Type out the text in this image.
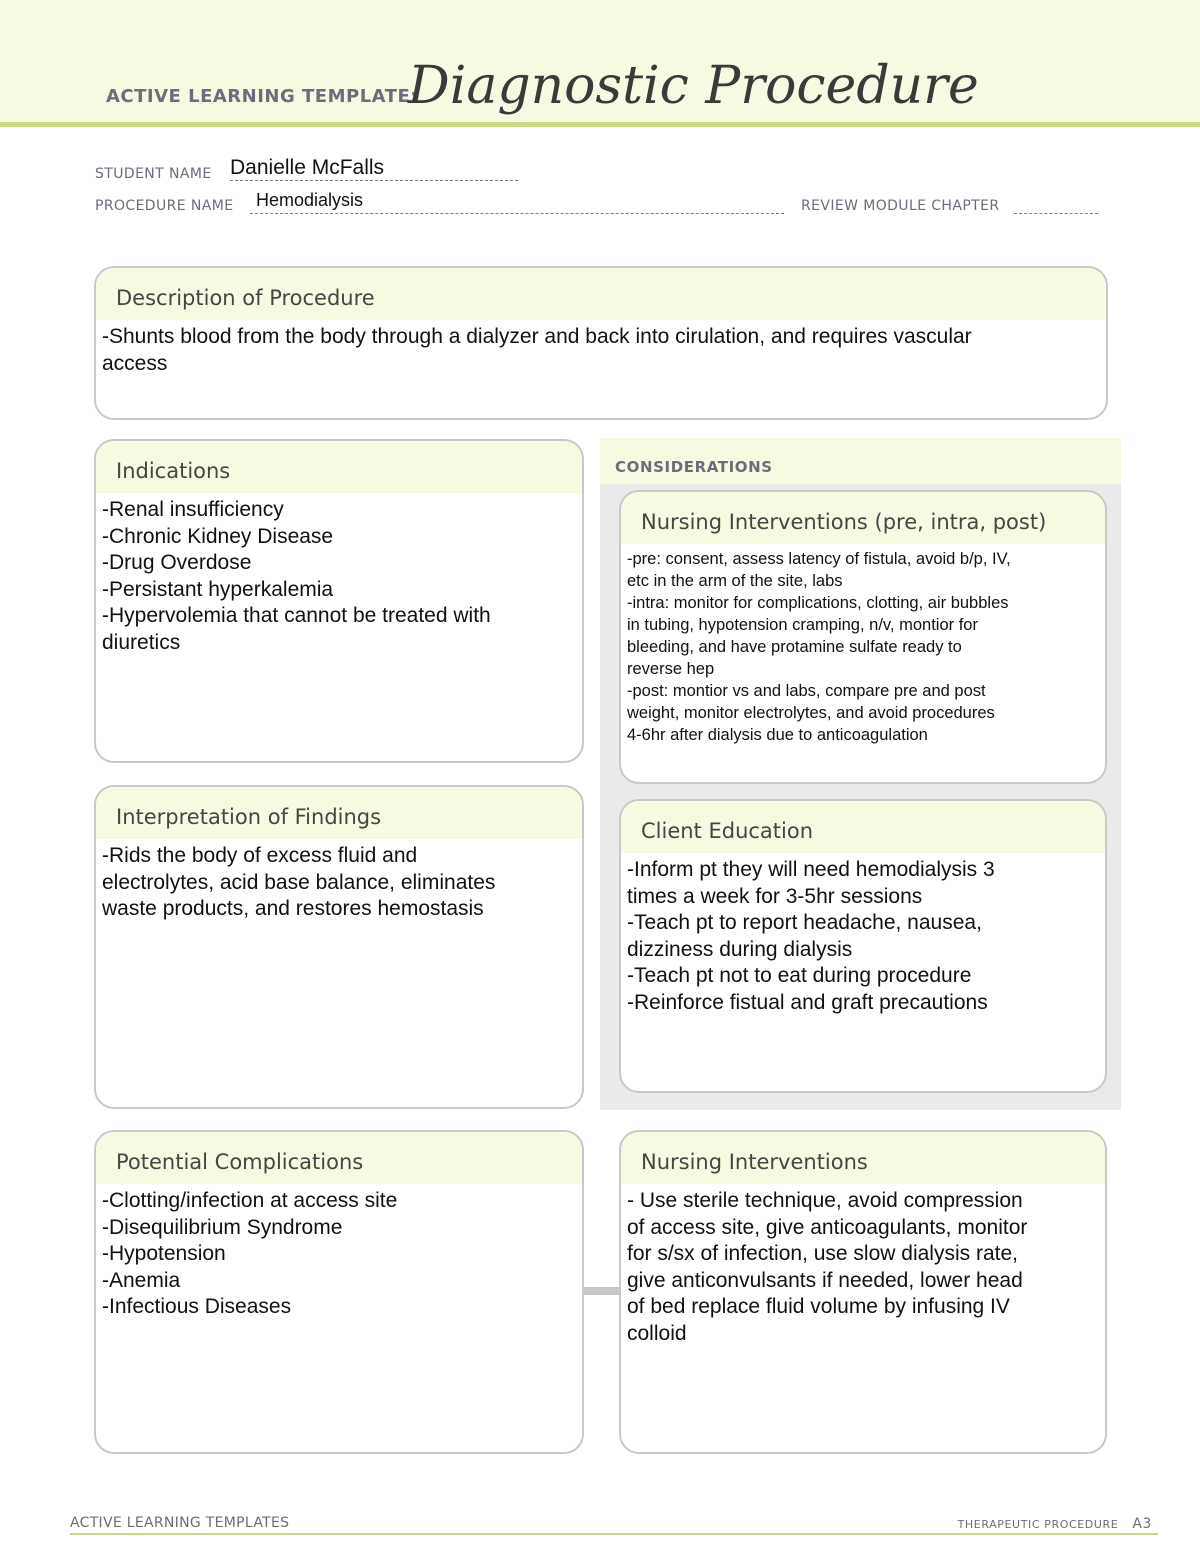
ACTIVE LEARNING TEMPLATE:
Diagnostic Procedure
STUDENT NAME Danielle McFalls
PROCEDURE NAME Hemodialysis	REVIEW MODULE CHAPTER
Description of Procedure
-Shunts blood from the body through a dialyzer and back into cirulation, and requires vascular
access
Indications
-Renal insufficiency
-Chronic Kidney Disease
-Drug Overdose
-Persistant hyperkalemia
-Hypervolemia that cannot be treated with
diuretics
CONSIDERATIONS
Nursing Interventions (pre, intra, post)
-pre: consent, assess latency of fistula, avoid b/p, IV,
etc in the arm of the site, labs
-intra: monitor for complications, clotting, air bubbles
in tubing, hypotension cramping, n/v, montior for
bleeding, and have protamine sulfate ready to
reverse hep
-post: montior vs and labs, compare pre and post
weight, monitor electrolytes, and avoid procedures
4-6hr after dialysis due to anticoagulation
Client Education
-Inform pt they will need hemodialysis 3
times a week for 3-5hr sessions
-Teach pt to report headache, nausea,
dizziness during dialysis
-Teach pt not to eat during procedure
-Reinforce fistual and graft precautions
Interpretation of Findings
-Rids the body of excess fluid and
electrolytes, acid base balance, eliminates
waste products, and restores hemostasis
Potential Complications
-Clotting/infection at access site
-Disequilibrium Syndrome
-Hypotension
-Anemia
-Infectious Diseases
Nursing Interventions
- Use sterile technique, avoid compression
of access site, give anticoagulants, monitor
for s/sx of infection, use slow dialysis rate,
give anticonvulsants if needed, lower head
of bed replace fluid volume by infusing IV
colloid
ACTIVE LEARNING TEMPLATES	THERAPEUTIC PROCEDURE A3
